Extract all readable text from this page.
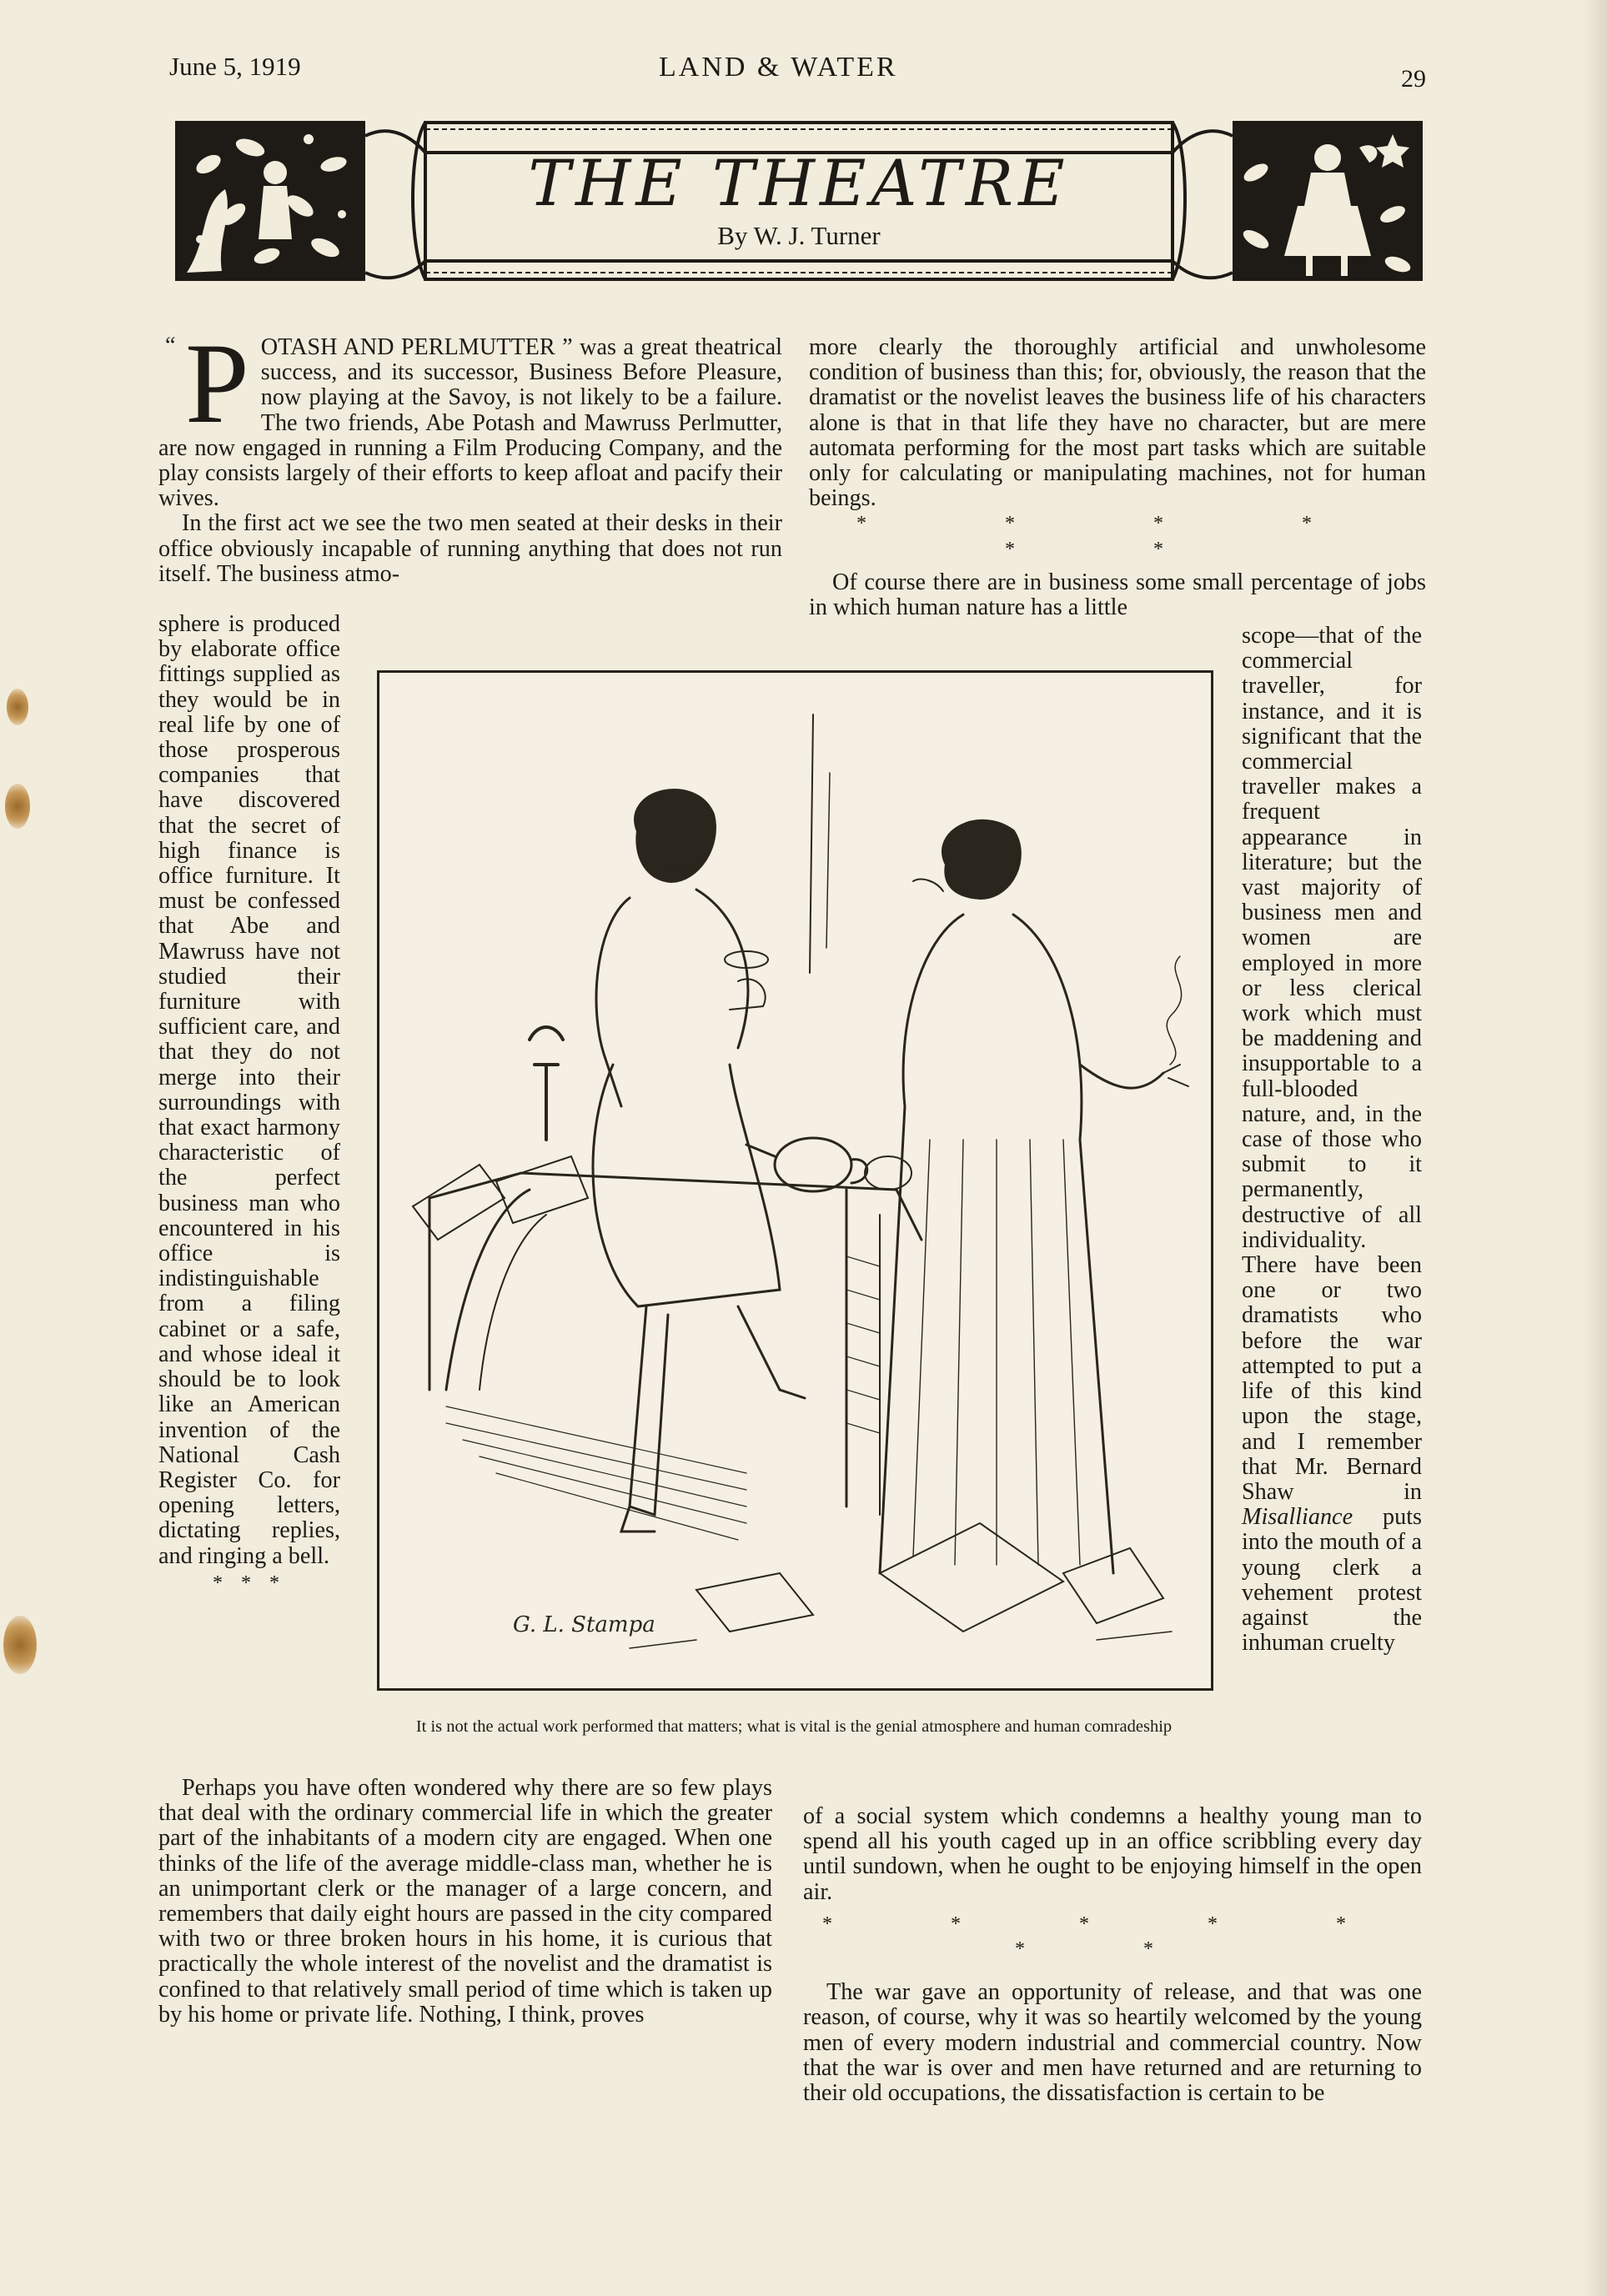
June 5, 1919	LAND & WATER	29
THE THEATRE
By W. J. Turner

“ P OTASH AND PERLMUTTER ” was a great theatrical success, and its successor, Business Before Pleasure, now playing at the Savoy, is not likely to be a failure. The two friends, Abe Potash and Mawruss Perlmutter, are now engaged in running a Film Producing Company, and the play consists largely of their efforts to keep afloat and pacify their wives.

In the first act we see the two men seated at their desks in their office obviously incapable of running anything that does not run itself. The business atmo-

sphere is produced by elaborate office fittings supplied as they would be in real life by one of those prosperous companies that have discovered that the secret of high finance is office furniture. It must be confessed that Abe and Mawruss have not studied their furniture with sufficient care, and that they do not merge into their surroundings with that exact harmony characteristic of the perfect business man who encountered in his office is indistinguishable from a filing cabinet or a safe, and whose ideal it should be to look like an American invention of the National Cash Register Co. for opening letters, dictating replies, and ringing a bell.

* * *

Perhaps you have often wondered why there are so few plays that deal with the ordinary commercial life in which the greater part of the inhabitants of a modern city are engaged. When one thinks of the life of the average middle-class man, whether he is an unimportant clerk or the manager of a large concern, and remembers that daily eight hours are passed in the city compared with two or three broken hours in his home, it is curious that practically the whole interest of the novelist and the dramatist is confined to that relatively small period of time which is taken up by his home or private life. Nothing, I think, proves

more clearly the thoroughly artificial and unwholesome condition of business than this; for, obviously, the reason that the dramatist or the novelist leaves the business life of his characters alone is that in that life they have no character, but are mere automata performing for the most part tasks which are suitable only for calculating or manipulating machines, not for human beings.

* * * * * *

Of course there are in business some small percentage of jobs in which human nature has a little

scope—that of the commercial traveller, for instance, and it is significant that the commercial traveller makes a frequent appearance in literature; but the vast majority of business men and women are employed in more or less clerical work which must be maddening and insupportable to a full-blooded nature, and, in the case of those who submit to it permanently, destructive of all individuality. There have been one or two dramatists who before the war attempted to put a life of this kind upon the stage, and I remember that Mr. Bernard Shaw in Misalliance puts into the mouth of a young clerk a vehement protest against the inhuman cruelty

of a social system which condemns a healthy young man to spend all his youth caged up in an office scribbling every day until sundown, when he ought to be enjoying himself in the open air.

* * * * * * *

The war gave an opportunity of release, and that was one reason, of course, why it was so heartily welcomed by the young men of every modern industrial and commercial country. Now that the war is over and men have returned and are returning to their old occupations, the dissatisfaction is certain to be

G. L. Stampa
It is not the actual work performed that matters; what is vital is the genial atmosphere and human comradeship
